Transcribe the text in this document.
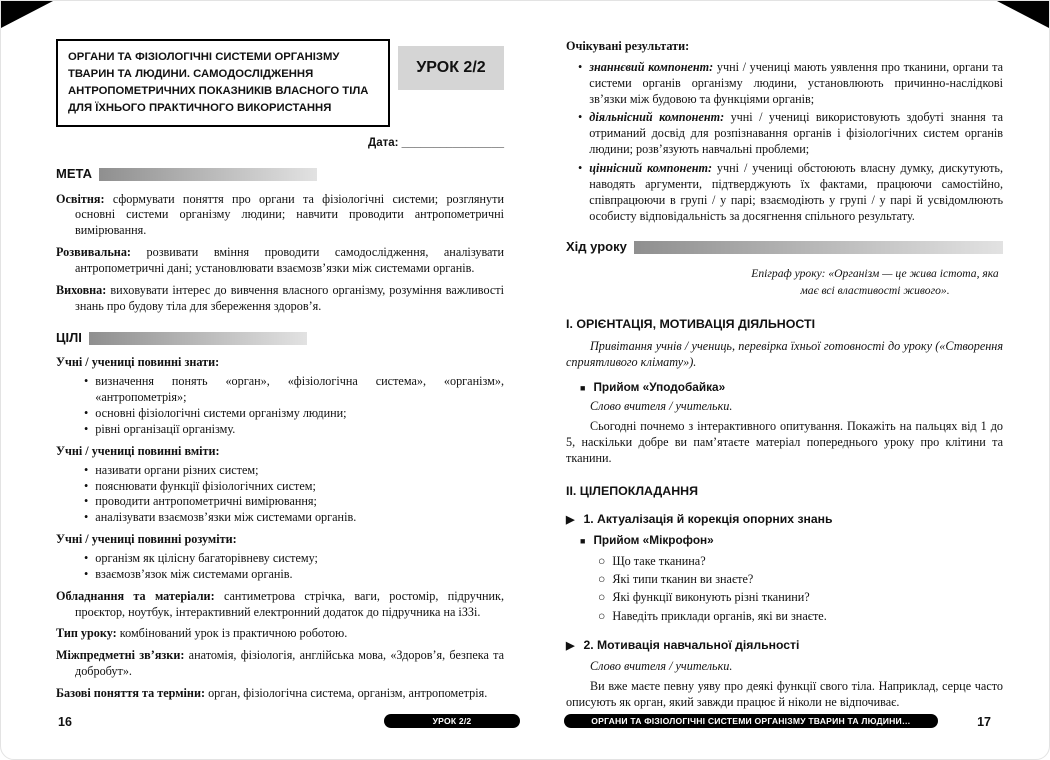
ОРГАНИ ТА ФІЗІОЛОГІЧНІ СИСТЕМИ ОРГАНІЗМУ ТВАРИН ТА ЛЮДИНИ. САМОДОСЛІДЖЕННЯ АНТРОПОМЕТРИЧНИХ ПОКАЗНИКІВ ВЛАСНОГО ТІЛА ДЛЯ ЇХНЬОГО ПРАКТИЧНОГО ВИКОРИСТАННЯ
УРОК 2/2
Дата: ________________
МЕТА

Освітня: сформувати поняття про органи та фізіологічні системи; розглянути основні системи організму людини; навчити проводити антропометричні вимірювання.

Розвивальна: розвивати вміння проводити самодослідження, аналізувати антропометричні дані; установлювати взаємозв’язки між системами органів.

Виховна: виховувати інтерес до вивчення власного організму, розуміння важливості знань про будову тіла для збереження здоров’я.

ЦІЛІ
Учні / учениці повинні знати:
• визначення понять «орган», «фізіологічна система», «організм», «антропометрія»;
• основні фізіологічні системи організму людини;
• рівні організації організму.
Учні / учениці повинні вміти:
• називати органи різних систем;
• пояснювати функції фізіологічних систем;
• проводити антропометричні вимірювання;
• аналізувати взаємозв’язки між системами органів.
Учні / учениці повинні розуміти:
• організм як цілісну багаторівневу систему;
• взаємозв’язок між системами органів.

Обладнання та матеріали: сантиметрова стрічка, ваги, ростомір, підручник, проєктор, ноутбук, інтерактивний електронний додаток до підручника на іЗЗі.

Тип уроку: комбінований урок із практичною роботою.

Міжпредметні зв’язки: анатомія, фізіологія, англійська мова, «Здоров’я, безпека та добробут».

Базові поняття та терміни: орган, фізіологічна система, організм, антропометрія.

Очікувані результати:
• знаннєвий компонент: учні / учениці мають уявлення про тканини, органи та системи органів організму людини, установлюють причинно-наслідкові зв’язки між будовою та функціями органів;
• діяльнісний компонент: учні / учениці використовують здобуті знання та отриманий досвід для розпізнавання органів і фізіологічних систем органів людини; розв’язують навчальні проблеми;
• ціннісний компонент: учні / учениці обстоюють власну думку, дискутують, наводять аргументи, підтверджують їх фактами, працюючи самостійно, співпрацюючи в групі / у парі; взаємодіють у групі / у парі й усвідомлюють особисту відповідальність за досягнення спільного результату.
Хід уроку
Епіграф уроку: «Організм — це жива істота, яка має всі властивості живого».
І. ОРІЄНТАЦІЯ, МОТИВАЦІЯ ДІЯЛЬНОСТІ

Привітання учнів / учениць, перевірка їхньої готовності до уроку («Створення сприятливого клімату»).

■ Прийом «Уподобайка»

Слово вчителя / учительки.

Сьогодні почнемо з інтерактивного опитування. Покажіть на пальцях від 1 до 5, наскільки добре ви пам’ятаєте матеріал попереднього уроку про клітини та тканини.

ІІ. ЦІЛЕПОКЛАДАННЯ
▶ 1. Актуалізація й корекція опорних знань
■ Прийом «Мікрофон»
○ Що таке тканина?
○ Які типи тканин ви знаєте?
○ Які функції виконують різні тканини?
○ Наведіть приклади органів, які ви знаєте.
▶ 2. Мотивація навчальної діяльності

Слово вчителя / учительки.

Ви вже маєте певну уяву про деякі функції свого тіла. Наприклад, серце часто описують як орган, який завжди працює й ніколи не відпочиває.

16	УРОК 2/2	ОРГАНИ ТА ФІЗІОЛОГІЧНІ СИСТЕМИ ОРГАНІЗМУ ТВАРИН ТА ЛЮДИНИ…	17
